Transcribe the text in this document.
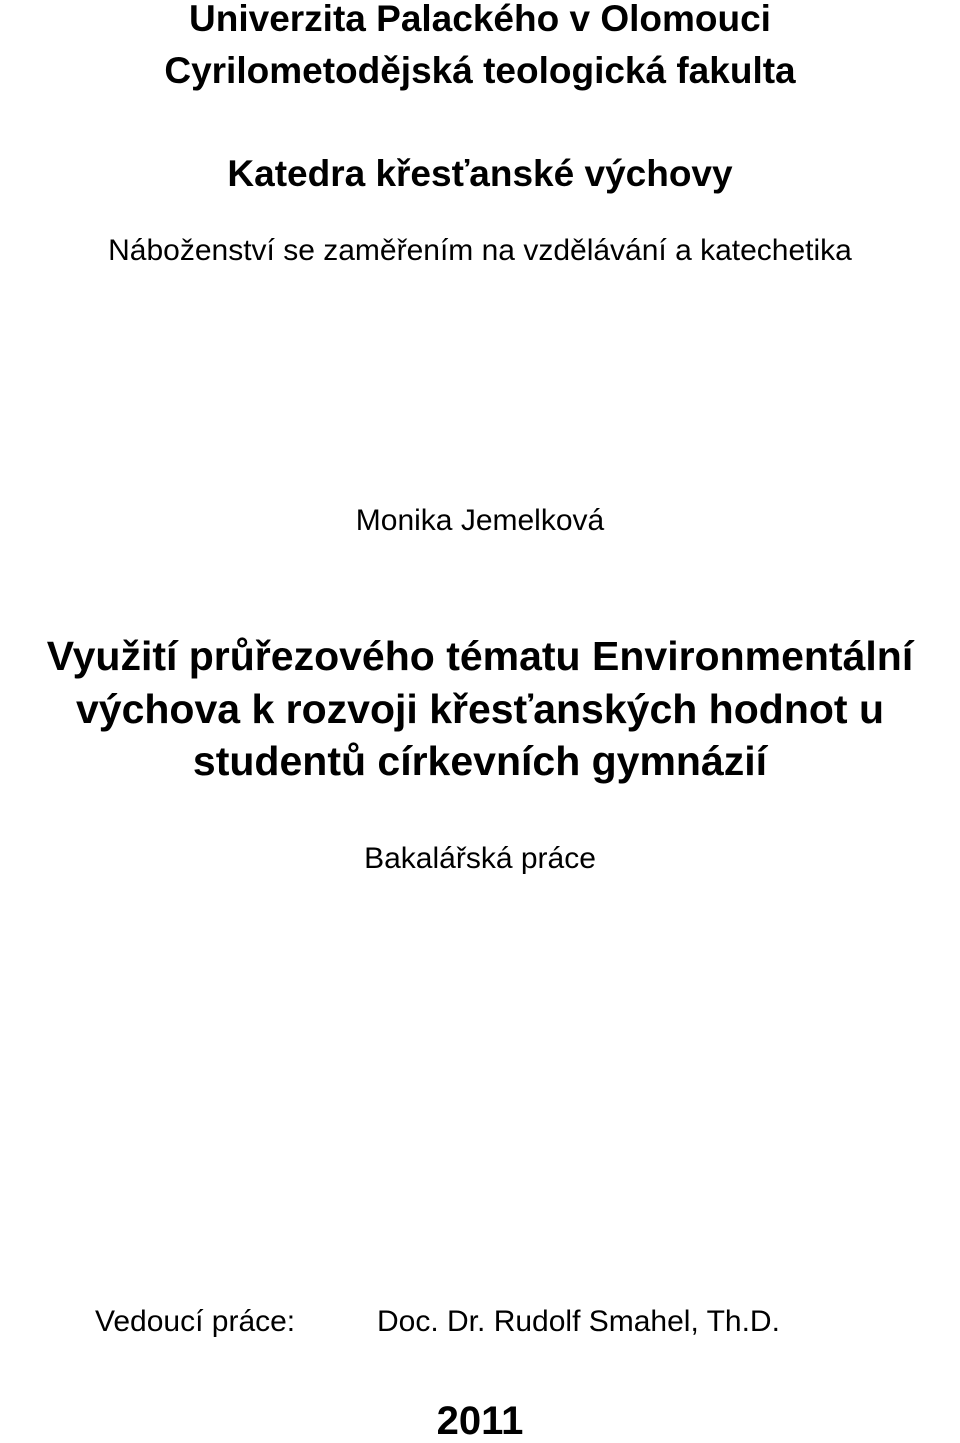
Univerzita Palackého v Olomouci

Cyrilometodějská teologická fakulta

Katedra křesťanské výchovy

Náboženství se zaměřením na vzdělávání a katechetika

Monika Jemelková

Využití průřezového tématu Environmentální

výchova k rozvoji křesťanských hodnot u

studentů církevních gymnázií

Bakalářská práce

Vedoucí práce:	Doc. Dr. Rudolf Smahel, Th.D.

2011
